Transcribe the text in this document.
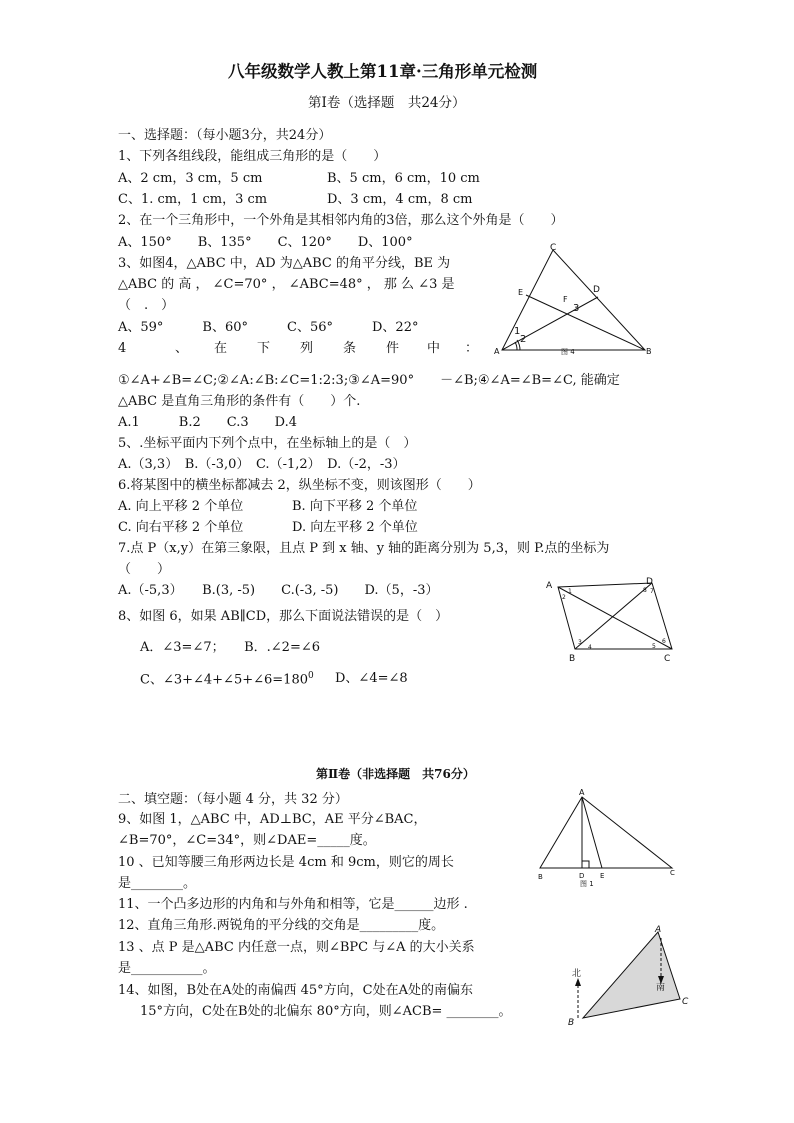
八年级数学人教上第11章·三角形单元检测
第Ⅰ卷（选择题　共24分）
一、选择题：（每小题3分，共24分）
1、下列各组线段，能组成三角形的是（　　）
A、2 cm，3 cm，5 cm	B、5 cm，6 cm，10 cm
C、1. cm，1 cm，3 cm	D、3 cm，4 cm，8 cm
2、在一个三角形中，一个外角是其相邻内角的3倍，那么这个外角是（　　）
A、150°　　B、135°　　C、120°　　D、100°
3、如图4，△ABC 中，AD 为△ABC 的角平分线，BE 为
△ABC 的 高 ， ∠C=70° ， ∠ABC=48° ， 那 么 ∠3 是
（　.　）
A、59°　　　B、60°　　　C、56°　　　D、22°
4	、 在 下 列 条 件 中 ：
①∠A+∠B=∠C;②∠A:∠B:∠C=1:2:3;③∠A=90°　　－∠B;④∠A=∠B=∠C, 能确定
△ABC 是直角三角形的条件有（　　）个.
A.1　　　B.2　　C.3　　D.4
5、.坐标平面内下列个点中，在坐标轴上的是（　）
A.（3,3）　B.（-3,0）　C.（-1,2）　D.（-2，-3）
6.将某图中的横坐标都减去 2，纵坐标不变，则该图形（　　）
A. 向上平移 2 个单位	B. 向下平移 2 个单位
C. 向右平移 2 个单位	D. 向左平移 2 个单位
7.点 P（x,y）在第三象限，且点 P 到 x 轴、y 轴的距离分别为 5,3，则 P.点的坐标为
（　　）
A.（-5,3）　　B.(3, -5)　　C.(-3, -5)　　D.（5，-3）
8、如图 6，如果 AB∥CD，那么下面说法错误的是（　）
A．∠3=∠7；　　B．.∠2=∠6
C、$\angle 3+\angle 4+\angle 5+\angle 6=180^0$ D、∠4=∠8
第Ⅱ卷（非选择题　共76分）
二、填空题：（每小题 4 分，共 32 分）
9、如图 1，△ABC 中，AD⊥BC，AE 平分∠BAC，
∠B=70°，∠C=34°，则∠DAE=_____度。
10 、已知等腰三角形两边长是 4cm 和 9cm，则它的周长
是________。
11、一个凸多边形的内角和与外角和相等，它是______边形 .
12、直角三角形.两锐角的平分线的交角是_________度。
13 、点 P 是△ABC 内任意一点，则∠BPC 与∠A 的大小关系
是___________。
14、如图，B处在A处的南偏西 45°方向，C处在A处的南偏东
15°方向，C处在B处的北偏东 80°方向，则∠ACB= ________。
C
E	D
F
3
1
2
A	B
图 4
A	D
B	C
1
2
3
4	5
6
7
8
A
B	D E	C
图 1
北
南
A
B
C
